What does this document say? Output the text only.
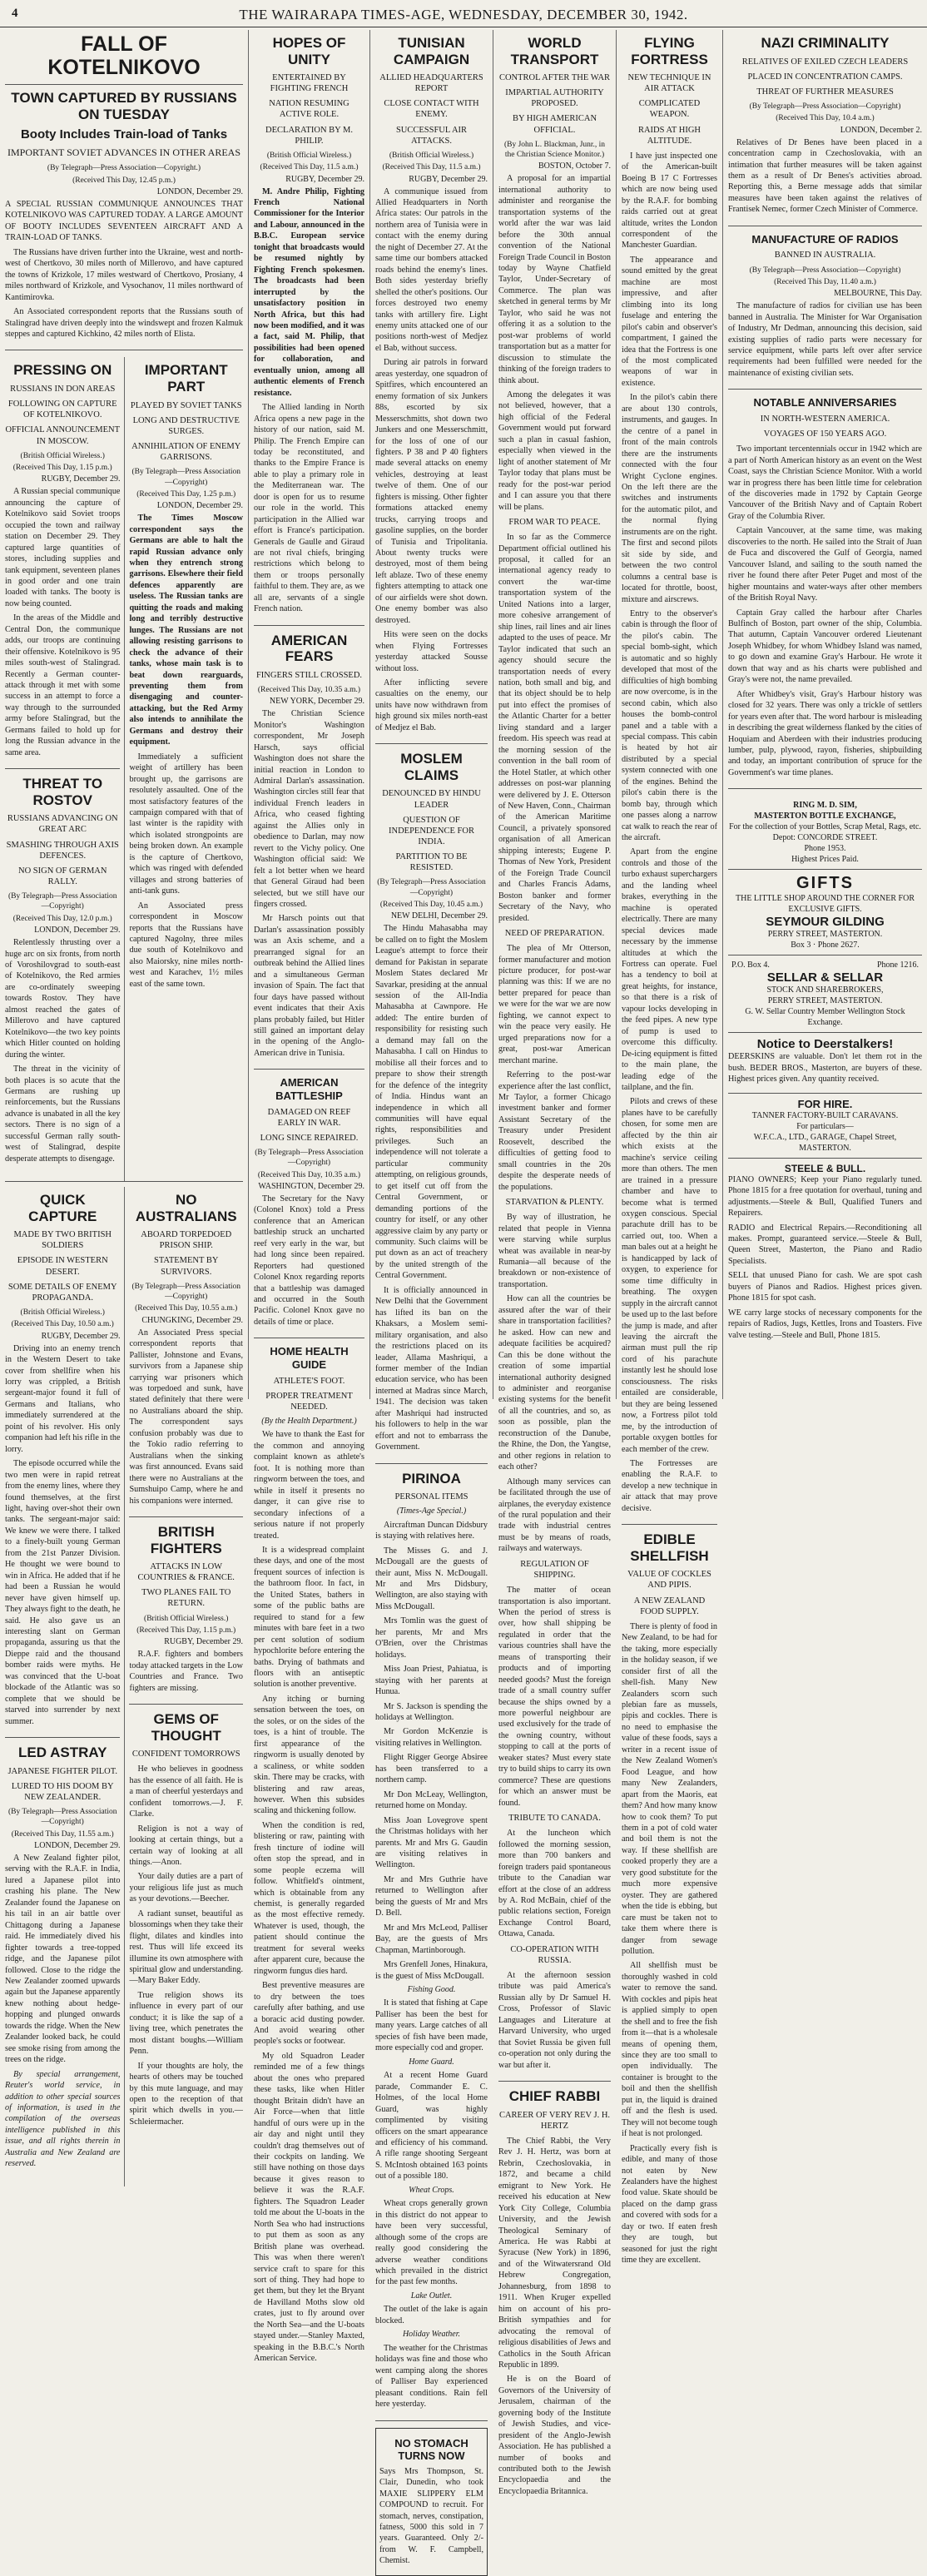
4	THE WAIRARAPA TIMES-AGE, WEDNESDAY, DECEMBER 30, 1942.
FALL OF KOTELNIKOVO
TOWN CAPTURED BY RUSSIANS ON TUESDAY
Booty Includes Train-load of Tanks
IMPORTANT SOVIET ADVANCES IN OTHER AREAS
(By Telegraph—Press Association—Copyright.)
(Received This Day, 12.45 p.m.)
LONDON, December 29.

A SPECIAL RUSSIAN COMMUNIQUE ANNOUNCES THAT KOTELNIKOVO WAS CAPTURED TODAY. A LARGE AMOUNT OF BOOTY INCLUDES SEVENTEEN AIRCRAFT AND A TRAIN-LOAD OF TANKS.

The Russians have driven further into the Ukraine, west and north-west of Chertkovo, 30 miles north of Millerovo, and have captured the towns of Krizkole, 17 miles westward of Chertkovo, Prosiany, 4 miles northward of Krizkole, and Vysochanov, 11 miles northward of Kantimirovka.

An Associated correspondent reports that the Russians south of Stalingrad have driven deeply into the windswept and frozen Kalmuk steppes and captured Kichkino, 42 miles north of Elista.

PRESSING ON
RUSSIANS IN DON AREAS
FOLLOWING ON CAPTURE OF KOTELNIKOVO.
OFFICIAL ANNOUNCEMENT IN MOSCOW.
(British Official Wireless.)
(Received This Day, 1.15 p.m.)
RUGBY, December 29.

A Russian special communique announcing the capture of Kotelnikovo said Soviet troops occupied the town and railway station on December 29. They captured large quantities of stores, including supplies and tank equipment, seventeen planes in good order and one train loaded with tanks. The booty is now being counted.

In the areas of the Middle and Central Don, the communique adds, our troops are continuing their offensive. Kotelnikovo is 95 miles south-west of Stalingrad. Recently a German counter-attack through it met with some success in an attempt to force a way through to the surrounded army before Stalingrad, but the Germans failed to hold up for long the Russian advance in the same area.

THREAT TO ROSTOV
RUSSIANS ADVANCING ON GREAT ARC
SMASHING THROUGH AXIS DEFENCES.
NO SIGN OF GERMAN RALLY.
(By Telegraph—Press Association—Copyright)
(Received This Day, 12.0 p.m.)
LONDON, December 29.

Relentlessly thrusting over a huge arc on six fronts, from north of Voroshilovgrad to south-east of Kotelnikovo, the Red armies are co-ordinately sweeping towards Rostov. They have almost reached the gates of Millerovo and have captured Kotelnikovo—the two key points which Hitler counted on holding during the winter.

The threat in the vicinity of both places is so acute that the Germans are rushing up reinforcements, but the Russians advance is unabated in all the key sectors. There is no sign of a successful German rally south-west of Stalingrad, despite desperate attempts to disengage.

IMPORTANT PART
PLAYED BY SOVIET TANKS
LONG AND DESTRUCTIVE SURGES.
ANNIHILATION OF ENEMY GARRISONS.
(By Telegraph—Press Association—Copyright)
(Received This Day, 1.25 p.m.)
LONDON, December 29.

The Times Moscow correspondent says the Germans are able to halt the rapid Russian advance only when they entrench strong garrisons. Elsewhere their field defences apparently are useless. The Russian tanks are quitting the roads and making long and terribly destructive lunges. The Russians are not allowing resisting garrisons to check the advance of their tanks, whose main task is to beat down rearguards, preventing them from disengaging and counter-attacking, but the Red Army also intends to annihilate the Germans and destroy their equipment.

Immediately a sufficient weight of artillery has been brought up, the garrisons are resolutely assaulted. One of the most satisfactory features of the campaign compared with that of last winter is the rapidity with which isolated strongpoints are being broken down. An example is the capture of Chertkovo, which was ringed with defended villages and strong batteries of anti-tank guns.

An Associated press correspondent in Moscow reports that the Russians have captured Nagolny, three miles due south of Kotelnikovo and also Maiorsky, nine miles north-west and Karachev, 1½ miles east of the same town.

QUICK CAPTURE
MADE BY TWO BRITISH SOLDIERS
EPISODE IN WESTERN DESERT.
SOME DETAILS OF ENEMY PROPAGANDA.
(British Official Wireless.)
(Received This Day, 10.50 a.m.)
RUGBY, December 29.

Driving into an enemy trench in the Western Desert to take cover from shellfire when his lorry was crippled, a British sergeant-major found it full of Germans and Italians, who immediately surrendered at the point of his revolver. His only companion had left his rifle in the lorry.

The episode occurred while the two men were in rapid retreat from the enemy lines, where they found themselves, at the first light, having over-shot their own tanks. The sergeant-major said: We knew we were there. I talked to a finely-built young German from the 21st Panzer Division. He thought we were bound to win in Africa. He added that if he had been a Russian he would never have given himself up. They always fight to the death, he said. He also gave us an interesting slant on German propaganda, assuring us that the Dieppe raid and the thousand bomber raids were myths. He was convinced that the U-boat blockade of the Atlantic was so complete that we should be starved into surrender by next summer.

LED ASTRAY
JAPANESE FIGHTER PILOT.
LURED TO HIS DOOM BY NEW ZEALANDER.
(By Telegraph—Press Association—Copyright)
(Received This Day, 11.55 a.m.)
LONDON, December 29.

A New Zealand fighter pilot, serving with the R.A.F. in India, lured a Japanese pilot into crashing his plane. The New Zealander found the Japanese on his tail in an air battle over Chittagong during a Japanese raid. He immediately dived his fighter towards a tree-topped ridge, and the Japanese pilot followed. Close to the ridge the New Zealander zoomed upwards again but the Japanese apparently knew nothing about hedge-hopping and plunged onwards towards the ridge. When the New Zealander looked back, he could see smoke rising from among the trees on the ridge.

By special arrangement, Reuter's world service, in addition to other special sources of information, is used in the compilation of the overseas intelligence published in this issue, and all rights therein in Australia and New Zealand are reserved.

NO AUSTRALIANS
ABOARD TORPEDOED PRISON SHIP.
STATEMENT BY SURVIVORS.
(By Telegraph—Press Association—Copyright)
(Received This Day, 10.55 a.m.)
CHUNGKING, December 29.

An Associated Press special correspondent reports that Pallister, Johnstone and Evans, survivors from a Japanese ship carrying war prisoners which was torpedoed and sunk, have stated definitely that there were no Australians aboard the ship. The correspondent says confusion probably was due to the Tokio radio referring to Australians when the sinking was first announced. Evans said there were no Australians at the Sumshuipo Camp, where he and his companions were interned.

BRITISH FIGHTERS
ATTACKS IN LOW COUNTRIES & FRANCE.
TWO PLANES FAIL TO RETURN.
(British Official Wireless.)
(Received This Day, 1.15 p.m.)
RUGBY, December 29.

R.A.F. fighters and bombers today attacked targets in the Low Countries and France. Two fighters are missing.

GEMS OF THOUGHT
CONFIDENT TOMORROWS

He who believes in goodness has the essence of all faith. He is a man of cheerful yesterdays and confident tomorrows.—J. F. Clarke.

Religion is not a way of looking at certain things, but a certain way of looking at all things.—Anon.

Your daily duties are a part of your religious life just as much as your devotions.—Beecher.

A radiant sunset, beautiful as blossomings when they take their flight, dilates and kindles into rest. Thus will life exceed its illumine its own atmosphere with spiritual glow and understanding.—Mary Baker Eddy.

True religion shows its influence in every part of our conduct; it is like the sap of a living tree, which penetrates the most distant boughs.—William Penn.

If your thoughts are holy, the hearts of others may be touched by this mute language, and may open to the reception of that spirit which dwells in you.—Schleiermacher.

HOPES OF UNITY
ENTERTAINED BY FIGHTING FRENCH
NATION RESUMING ACTIVE ROLE.
DECLARATION BY M. PHILIP.
(British Official Wireless.)
(Received This Day, 11.5 a.m.)
RUGBY, December 29.

M. Andre Philip, Fighting French National Commissioner for the Interior and Labour, announced in the B.B.C. European service tonight that broadcasts would be resumed nightly by Fighting French spokesmen. The broadcasts had been interrupted by the unsatisfactory position in North Africa, but this had now been modified, and it was a fact, said M. Philip, that possibilities had been opened for collaboration, and eventually union, among all authentic elements of French resistance.

The Allied landing in North Africa opens a new page in the history of our nation, said M. Philip. The French Empire can today be reconstituted, and thanks to the Empire France is able to play a primary role in the Mediterranean war. The door is open for us to resume our role in the world. This participation in the Allied war effort is France's participation. Generals de Gaulle and Giraud are not rival chiefs, bringing restrictions which belong to them or troops personally faithful to them. They are, as we all are, servants of a single French nation.

AMERICAN FEARS
FINGERS STILL CROSSED.
(Received This Day, 10.35 a.m.)
NEW YORK, December 29.

The Christian Science Monitor's Washington correspondent, Mr Joseph Harsch, says official Washington does not share the initial reaction in London to Admiral Darlan's assassination. Washington circles still fear that individual French leaders in Africa, who ceased fighting against the Allies only in obedience to Darlan, may now revert to the Vichy policy. One Washington official said: We felt a lot better when we heard that General Giraud had been selected, but we still have our fingers crossed.

Mr Harsch points out that Darlan's assassination possibly was an Axis scheme, and a prearranged signal for an outbreak behind the Allied lines and a simultaneous German invasion of Spain. The fact that four days have passed without event indicates that their Axis plans probably failed, but Hitler still gained an important delay in the opening of the Anglo-American drive in Tunisia.

AMERICAN BATTLESHIP
DAMAGED ON REEF EARLY IN WAR.
LONG SINCE REPAIRED.
(By Telegraph—Press Association—Copyright)
(Received This Day, 10.35 a.m.)
WASHINGTON, December 29.

The Secretary for the Navy (Colonel Knox) told a Press conference that an American battleship struck an uncharted reef very early in the war, but had long since been repaired. Reporters had questioned Colonel Knox regarding reports that a battleship was damaged and occurred in the South Pacific. Colonel Knox gave no details of time or place.

HOME HEALTH GUIDE
ATHLETE'S FOOT.
PROPER TREATMENT NEEDED.
(By the Health Department.)

We have to thank the East for the common and annoying complaint known as athlete's foot. It is nothing more than ringworm between the toes, and while in itself it presents no danger, it can give rise to secondary infections of a serious nature if not properly treated.

It is a widespread complaint these days, and one of the most frequent sources of infection is the bathroom floor. In fact, in the United States, bathers in some of the public baths are required to stand for a few minutes with bare feet in a two per cent solution of sodium hypochlorite before entering the baths. Drying of bathmats and floors with an antiseptic solution is another preventive.

Any itching or burning sensation between the toes, on the soles, or on the sides of the toes, is a hint of trouble. The first appearance of the ringworm is usually denoted by a scaliness, or white sodden skin. There may be cracks, with blistering and raw areas, however. When this subsides scaling and thickening follow.

When the condition is red, blistering or raw, painting with fresh tincture of iodine will often stop the spread, and in some people eczema will follow. Whitfield's ointment, which is obtainable from any chemist, is generally regarded as the most effective remedy. Whatever is used, though, the patient should continue the treatment for several weeks after apparent cure, because the ringworm fungus dies hard.

Best preventive measures are to dry between the toes carefully after bathing, and use a boracic acid dusting powder. And avoid wearing other people's socks or footwear.

My old Squadron Leader reminded me of a few things about the ones who prepared these tasks, like when Hitler thought Britain didn't have an Air Force—when that little handful of ours were up in the air day and night until they couldn't drag themselves out of their cockpits on landing. We still have nothing on those days because it gives reason to believe it was the R.A.F. fighters. The Squadron Leader told me about the U-boats in the North Sea who had instructions to put them as soon as any British plane was overhead. This was when there weren't service craft to spare for this sort of thing. They had hope to get them, but they let the Bryant de Havilland Moths slow old crates, just to fly around over the North Sea—and the U-boats stayed under.—Stanley Maxted, speaking in the B.B.C.'s North American Service.

TUNISIAN CAMPAIGN
ALLIED HEADQUARTERS REPORT
CLOSE CONTACT WITH ENEMY.
SUCCESSFUL AIR ATTACKS.
(British Official Wireless.)
(Received This Day, 11.5 a.m.)
RUGBY, December 29.

A communique issued from Allied Headquarters in North Africa states: Our patrols in the northern area of Tunisia were in contact with the enemy during the night of December 27. At the same time our bombers attacked roads behind the enemy's lines. Both sides yesterday briefly shelled the other's positions. Our forces destroyed two enemy tanks with artillery fire. Light enemy units attacked one of our positions north-west of Medjez el Bab, without success.

During air patrols in forward areas yesterday, one squadron of Spitfires, which encountered an enemy formation of six Junkers 88s, escorted by six Messerschmitts, shot down two Junkers and one Messerschmitt, for the loss of one of our fighters. P 38 and P 40 fighters made several attacks on enemy vehicles, destroying at least twelve of them. One of our fighters is missing. Other fighter formations attacked enemy trucks, carrying troops and gasoline supplies, on the border of Tunisia and Tripolitania. About twenty trucks were destroyed, most of them being left ablaze. Two of these enemy fighters attempting to attack one of our airfields were shot down. One enemy bomber was also destroyed.

Hits were seen on the docks when Flying Fortresses yesterday attacked Sousse without loss.

After inflicting severe casualties on the enemy, our units have now withdrawn from high ground six miles north-east of Medjez el Bab.

MOSLEM CLAIMS
DENOUNCED BY HINDU LEADER
QUESTION OF INDEPENDENCE FOR INDIA.
PARTITION TO BE RESISTED.
(By Telegraph—Press Association—Copyright)
(Received This Day, 10.45 a.m.)
NEW DELHI, December 29.

The Hindu Mahasabha may be called on to fight the Moslem League's attempt to force their demand for Pakistan in separate Moslem States declared Mr Savarkar, presiding at the annual session of the All-India Mahasabha at Cawnpore. He added: The entire burden of responsibility for resisting such a demand may fall on the Mahasabha. I call on Hindus to mobilise all their forces and to prepare to show their strength for the defence of the integrity of India. Hindus want an independence in which all communities will have equal rights, responsibilities and privileges. Such an independence will not tolerate a particular community attempting, on religious grounds, to get itself cut off from the Central Government, or demanding portions of the country for itself, or any other aggressive claim by any party or community. Such claims will be put down as an act of treachery by the united strength of the Central Government.

It is officially announced in New Delhi that the Government has lifted its ban on the Khaksars, a Moslem semi-military organisation, and also the restrictions placed on its leader, Allama Mashriqui, a former member of the Indian education service, who has been interned at Madras since March, 1941. The decision was taken after Mashriqui had instructed his followers to help in the war effort and not to embarrass the Government.

PIRINOA
PERSONAL ITEMS
(Times-Age Special.)

Aircraftman Duncan Didsbury is staying with relatives here.

The Misses G. and J. McDougall are the guests of their aunt, Miss N. McDougall. Mr and Mrs Didsbury, Wellington, are also staying with Miss McDougall.

Mrs Tomlin was the guest of her parents, Mr and Mrs O'Brien, over the Christmas holidays.

Miss Joan Priest, Pahiatua, is staying with her parents at Hunua.

Mr S. Jackson is spending the holidays at Wellington.

Mr Gordon McKenzie is visiting relatives in Wellington.

Flight Rigger George Absiree has been transferred to a northern camp.

Mr Don McLeay, Wellington, returned home on Monday.

Miss Joan Lovegrove spent the Christmas holidays with her parents. Mr and Mrs G. Gaudin are visiting relatives in Wellington.

Mr and Mrs Guthrie have returned to Wellington after being the guests of Mr and Mrs D. Bell.

Mr and Mrs McLeod, Palliser Bay, are the guests of Mrs Chapman, Martinborough.

Mrs Grenfell Jones, Hinakura, is the guest of Miss McDougall.

Fishing Good.

It is stated that fishing at Cape Palliser has been the best for many years. Large catches of all species of fish have been made, more especially cod and groper.

Home Guard.

At a recent Home Guard parade, Commander E. C. Holmes, of the local Home Guard, was highly complimented by visiting officers on the smart appearance and efficiency of his command. A rifle range shooting Sergeant S. McIntosh obtained 163 points out of a possible 180.

Wheat Crops.

Wheat crops generally grown in this district do not appear to have been very successful, although some of the crops are really good considering the adverse weather conditions which prevailed in the district for the past few months.

Lake Outlet.

The outlet of the lake is again blocked.

Holiday Weather.

The weather for the Christmas holidays was fine and those who went camping along the shores of Palliser Bay experienced pleasant conditions. Rain fell here yesterday.

NO STOMACH TURNS NOW

Says Mrs Thompson, St. Clair, Dunedin, who took MAXIE SLIPPERY ELM COMPOUND to recruit. For stomach, nerves, constipation, fatness, 5000 this sold in 7 years. Guaranteed. Only 2/- from W. F. Campbell, Chemist.

WORLD TRANSPORT
CONTROL AFTER THE WAR
IMPARTIAL AUTHORITY PROPOSED.
BY HIGH AMERICAN OFFICIAL.
(By John L. Blackman, Junr., in the Christian Science Monitor.)
BOSTON, October 7.

A proposal for an impartial international authority to administer and reorganise the transportation systems of the world after the war was laid before the 30th annual convention of the National Foreign Trade Council in Boston today by Wayne Chatfield Taylor, Under-Secretary of Commerce. The plan was sketched in general terms by Mr Taylor, who said he was not offering it as a solution to the post-war problems of world transportation but as a matter for discussion to stimulate the thinking of the foreign traders to think about.

Among the delegates it was not believed, however, that a high official of the Federal Government would put forward such a plan in casual fashion, especially when viewed in the light of another statement of Mr Taylor today that plans must be ready for the post-war period and I can assure you that there will be plans.

FROM WAR TO PEACE.

In so far as the Commerce Department official outlined his proposal, it called for an international agency ready to convert the war-time transportation system of the United Nations into a larger, more cohesive arrangement of ship lines, rail lines and air lines adapted to the uses of peace. Mr Taylor indicated that such an agency should secure the transportation needs of every nation, both small and big, and that its object should be to help put into effect the promises of the Atlantic Charter for a better living standard and a larger freedom. His speech was read at the morning session of the convention in the ball room of the Hotel Statler, at which other addresses on post-war planning were delivered by J. E. Otterson of New Haven, Conn., Chairman of the American Maritime Council, a privately sponsored organisation of all American shipping interests; Eugene P. Thomas of New York, President of the Foreign Trade Council and Charles Francis Adams, Boston banker and former Secretary of the Navy, who presided.

NEED OF PREPARATION.

The plea of Mr Otterson, former manufacturer and motion picture producer, for post-war planning was this: If we are no better prepared for peace than we were for the war we are now fighting, we cannot expect to win the peace very easily. He urged preparations now for a great, post-war American merchant marine.

Referring to the post-war experience after the last conflict, Mr Taylor, a former Chicago investment banker and former Assistant Secretary of the Treasury under President Roosevelt, described the difficulties of getting food to small countries in the 20s despite the desperate needs of the populations.

STARVATION & PLENTY.

By way of illustration, he related that people in Vienna were starving while surplus wheat was available in near-by Rumania—all because of the breakdown or non-existence of transportation.

How can all the countries be assured after the war of their share in transportation facilities? he asked. How can new and adequate facilities be acquired? Can this be done without the creation of some impartial international authority designed to administer and reorganise existing systems for the benefit of all the countries, and so, as soon as possible, plan the reconstruction of the Danube, the Rhine, the Don, the Yangtse, and other regions in relation to each other?

Although many services can be facilitated through the use of airplanes, the everyday existence of the rural population and their trade with industrial centres must be by means of roads, railways and waterways.

REGULATION OF SHIPPING.

The matter of ocean transportation is also important. When the period of stress is over, how shall shipping be regulated in order that the various countries shall have the means of transporting their products and of importing needed goods? Must the foreign trade of a small country suffer because the ships owned by a more powerful neighbour are used exclusively for the trade of the owning country, without stopping to call at the ports of weaker states? Must every state try to build ships to carry its own commerce? These are questions for which an answer must be found.

TRIBUTE TO CANADA.

At the luncheon which followed the morning session, more than 700 bankers and foreign traders paid spontaneous tribute to the Canadian war effort at the close of an address by A. Rod McBain, chief of the public relations section, Foreign Exchange Control Board, Ottawa, Canada.

CO-OPERATION WITH RUSSIA.

At the afternoon session tribute was paid America's Russian ally by Dr Samuel H. Cross, Professor of Slavic Languages and Literature at Harvard University, who urged that Soviet Russia be given full co-operation not only during the war but after it.

CHIEF RABBI
CAREER OF VERY REV J. H. HERTZ

The Chief Rabbi, the Very Rev J. H. Hertz, was born at Rebrin, Czechoslovakia, in 1872, and became a child emigrant to New York. He received his education at New York City College, Columbia University, and the Jewish Theological Seminary of America. He was Rabbi at Syracuse (New York) in 1896, and of the Witwatersrand Old Hebrew Congregation, Johannesburg, from 1898 to 1911. When Kruger expelled him on account of his pro-British sympathies and for advocating the removal of religious disabilities of Jews and Catholics in the South African Republic in 1899.

He is on the Board of Governors of the University of Jerusalem, chairman of the governing body of the Institute of Jewish Studies, and vice-president of the Anglo-Jewish Association. He has published a number of books and contributed both to the Jewish Encyclopaedia and the Encyclopaedia Britannica.

FLYING FORTRESS
NEW TECHNIQUE IN AIR ATTACK
COMPLICATED WEAPON.
RAIDS AT HIGH ALTITUDE.

I have just inspected one of the American-built Boeing B 17 C Fortresses which are now being used by the R.A.F. for bombing raids carried out at great altitude, writes the London correspondent of the Manchester Guardian.

The appearance and sound emitted by the great machine are most impressive, and after climbing into its long fuselage and entering the pilot's cabin and observer's compartment, I gained the idea that the Fortress is one of the most complicated weapons of war in existence.

In the pilot's cabin there are about 130 controls, instruments, and gauges. In the centre of a panel in front of the main controls there are the instruments connected with the four Wright Cyclone engines. On the left there are the switches and instruments for the automatic pilot, and the normal flying instruments are on the right. The first and second pilots sit side by side, and between the two control columns a central base is located for throttle, boost, mixture and airscrews.

Entry to the observer's cabin is through the floor of the pilot's cabin. The special bomb-sight, which is automatic and so highly developed that most of the difficulties of high bombing are now overcome, is in the second cabin, which also houses the bomb-control panel and a table with a special compass. This cabin is heated by hot air distributed by a special system connected with one of the engines. Behind the pilot's cabin there is the bomb bay, through which one passes along a narrow cat walk to reach the rear of the aircraft.

Apart from the engine controls and those of the turbo exhaust superchargers and the landing wheel brakes, everything in the machine is operated electrically. There are many special devices made necessary by the immense altitudes at which the Fortress can operate. Fuel has a tendency to boil at great heights, for instance, so that there is a risk of vapour locks developing in the feed pipes. A new type of pump is used to overcome this difficulty. De-icing equipment is fitted to the main plane, the leading edge of the tailplane, and the fin.

Pilots and crews of these planes have to be carefully chosen, for some men are affected by the thin air which exists at the machine's service ceiling more than others. The men are trained in a pressure chamber and have to become what is termed oxygen conscious. Special parachute drill has to be carried out, too. When a man bales out at a height he is handicapped by lack of oxygen, to experience for some time difficulty in breathing. The oxygen supply in the aircraft cannot be used up to the last before the jump is made, and after leaving the aircraft the airman must pull the rip cord of his parachute instantly lest he should lose consciousness. The risks entailed are considerable, but they are being lessened now, a Fortress pilot told me, by the introduction of portable oxygen bottles for each member of the crew.

The Fortresses are enabling the R.A.F. to develop a new technique in air attack that may prove decisive.

EDIBLE SHELLFISH
VALUE OF COCKLES AND PIPIS.
A NEW ZEALAND FOOD SUPPLY.

There is plenty of food in New Zealand, to be had for the taking, more especially in the holiday season, if we consider first of all the shell-fish. Many New Zealanders scorn such plebian fare as mussels, pipis and cockles. There is no need to emphasise the value of these foods, says a writer in a recent issue of the New Zealand Women's Food League, and how many New Zealanders, apart from the Maoris, eat them? And how many know how to cook them? To put them in a pot of cold water and boil them is not the way. If these shellfish are cooked properly they are a very good substitute for the much more expensive oyster. They are gathered when the tide is ebbing, but care must be taken not to take them where there is danger from sewage pollution.

All shellfish must be thoroughly washed in cold water to remove the sand. With cockles and pipis heat is applied simply to open the shell and to free the fish from it—that is a wholesale means of opening them, since they are too small to open individually. The container is brought to the boil and then the shellfish put in, the liquid is drained off and the flesh is used. They will not become tough if heat is not prolonged.

Practically every fish is edible, and many of those not eaten by New Zealanders have the highest food value. Skate should be placed on the damp grass and covered with sods for a day or two. If eaten fresh they are tough, but seasoned for just the right time they are excellent.

NAZI CRIMINALITY
RELATIVES OF EXILED CZECH LEADERS
PLACED IN CONCENTRATION CAMPS.
THREAT OF FURTHER MEASURES
(By Telegraph—Press Association—Copyright)
(Received This Day, 10.4 a.m.)
LONDON, December 2.

Relatives of Dr Benes have been placed in a concentration camp in Czechoslovakia, with an intimation that further measures will be taken against them as a result of Dr Benes's activities abroad. Reporting this, a Berne message adds that similar measures have been taken against the relatives of Frantisek Nemec, former Czech Minister of Commerce.

MANUFACTURE OF RADIOS
BANNED IN AUSTRALIA.
(By Telegraph—Press Association—Copyright)
(Received This Day, 11.40 a.m.)
MELBOURNE, This Day.

The manufacture of radios for civilian use has been banned in Australia. The Minister for War Organisation of Industry, Mr Dedman, announcing this decision, said existing supplies of radio parts were necessary for service equipment, while parts left over after service requirements had been fulfilled were needed for the maintenance of existing civilian sets.

NOTABLE ANNIVERSARIES
IN NORTH-WESTERN AMERICA.
VOYAGES OF 150 YEARS AGO.

Two important tercentennials occur in 1942 which are a part of North American history as an event on the West Coast, says the Christian Science Monitor. With a world war in progress there has been little time for celebration of the discoveries made in 1792 by Captain George Vancouver of the British Navy and of Captain Robert Gray of the Columbia River.

Captain Vancouver, at the same time, was making discoveries to the north. He sailed into the Strait of Juan de Fuca and discovered the Gulf of Georgia, named Vancouver Island, and sailing to the south named the river he found there after Peter Puget and most of the higher mountains and water-ways after other members of the British Royal Navy.

Captain Gray called the harbour after Charles Bulfinch of Boston, part owner of the ship, Columbia. That autumn, Captain Vancouver ordered Lieutenant Joseph Whidbey, for whom Whidbey Island was named, to go down and examine Gray's Harbour. He wrote it down that way and as his charts were published and Gray's were not, the name prevailed.

After Whidbey's visit, Gray's Harbour history was closed for 32 years. There was only a trickle of settlers for years even after that. The word harbour is misleading in describing the great wilderness flanked by the cities of Hoquiam and Aberdeen with their industries producing lumber, pulp, plywood, rayon, fisheries, shipbuilding and today, an important contribution of spruce for the Government's war time planes.

RING M. D. SIM,
MASTERTON BOTTLE EXCHANGE,
For the collection of your Bottles, Scrap Metal, Rags, etc.
Depot: CONCORDE STREET.
Phone 1953.
Highest Prices Paid.
GIFTS
THE LITTLE SHOP AROUND THE CORNER FOR EXCLUSIVE GIFTS.
SEYMOUR GILDING
PERRY STREET, MASTERTON.
Box 3 · Phone 2627.
P.O. Box 4.	Phone 1216.
SELLAR & SELLAR
STOCK AND SHAREBROKERS,
PERRY STREET, MASTERTON.
G. W. Sellar Country Member Wellington Stock Exchange.
Notice to Deerstalkers!

DEERSKINS are valuable. Don't let them rot in the bush. BEDER BROS., Masterton, are buyers of these. Highest prices given. Any quantity received.

FOR HIRE.
TANNER FACTORY-BUILT CARAVANS.
For particulars—
W.F.C.A., LTD., GARAGE, Chapel Street, MASTERTON.
STEELE & BULL.

PIANO OWNERS; Keep your Piano regularly tuned. Phone 1815 for a free quotation for overhaul, tuning and adjustments.—Steele & Bull, Qualified Tuners and Repairers.

RADIO and Electrical Repairs.—Reconditioning all makes. Prompt, guaranteed service.—Steele & Bull, Queen Street, Masterton, the Piano and Radio Specialists.

SELL that unused Piano for cash. We are spot cash buyers of Pianos and Radios. Highest prices given. Phone 1815 for spot cash.

WE carry large stocks of necessary components for the repairs of Radios, Jugs, Kettles, Irons and Toasters. Five valve testing.—Steele and Bull, Phone 1815.
